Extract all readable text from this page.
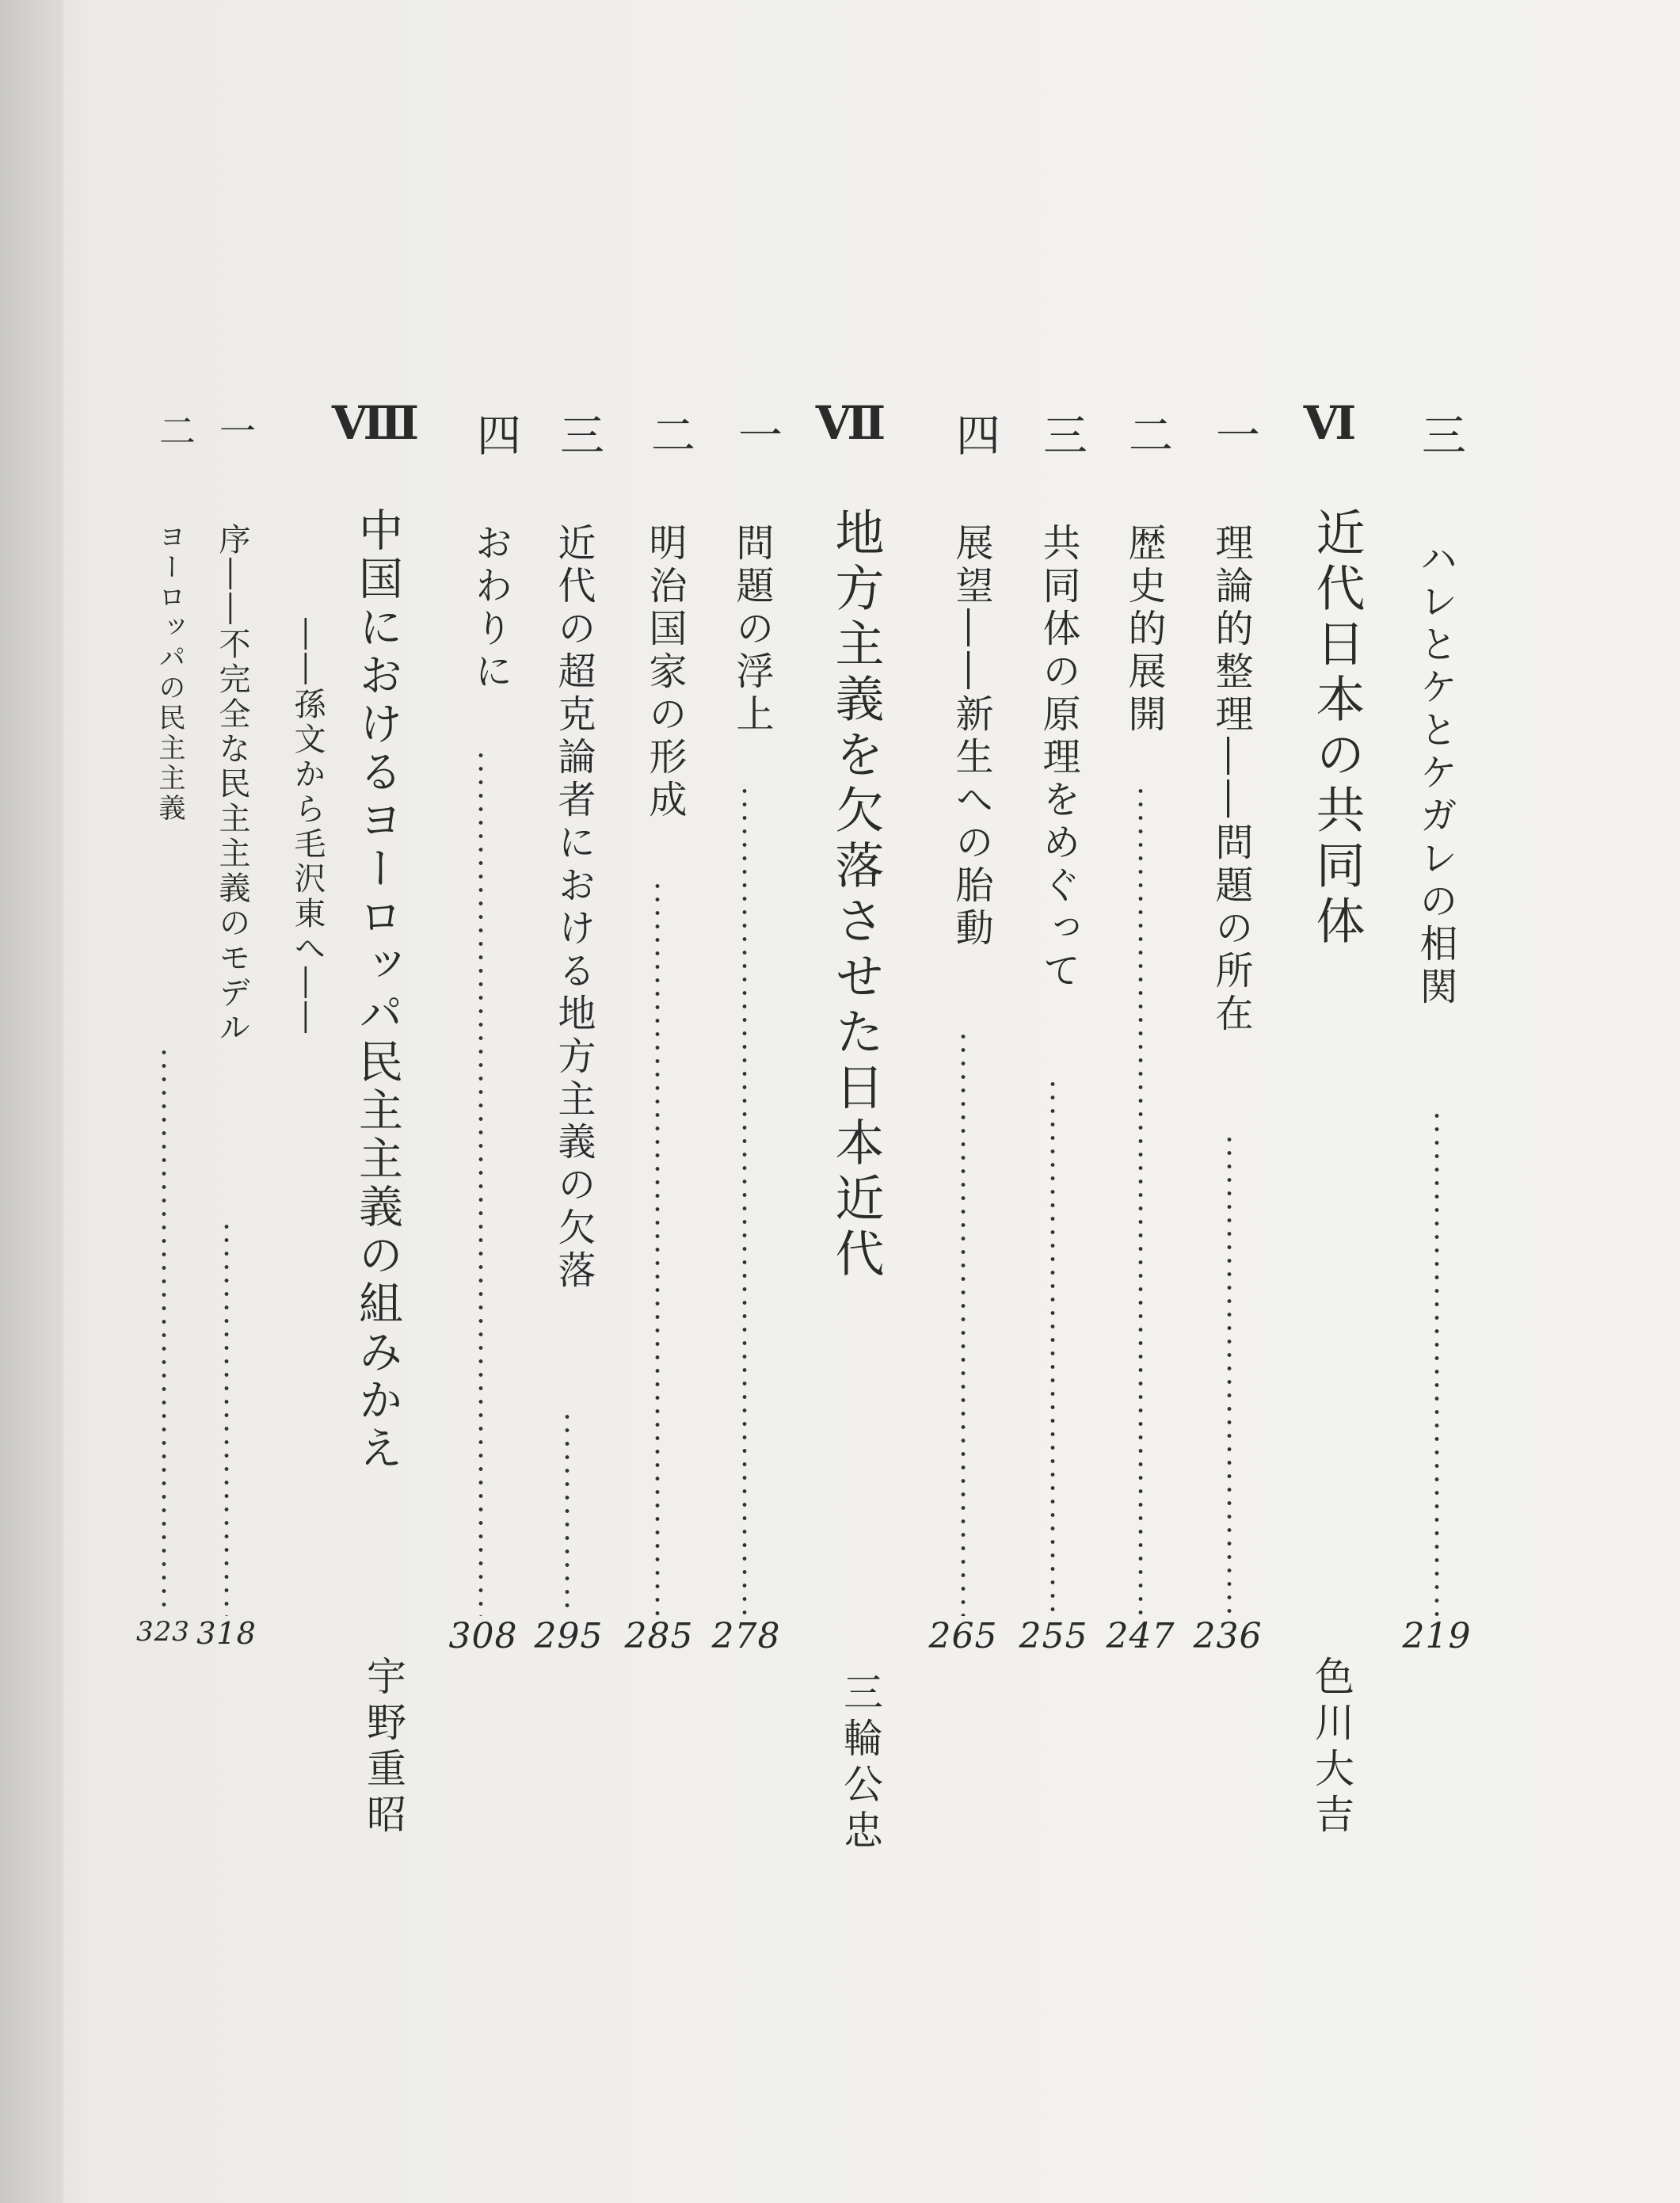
三
ハレとケとケガレの相関
219
Ⅵ
近代日本の共同体
色川大吉
一
理論的整理――問題の所在
236
二
歴史的展開
247
三
共同体の原理をめぐって
255
四
展望――新生への胎動
265
Ⅶ
地方主義を欠落させた日本近代
三輪公忠
一
問題の浮上
278
二
明治国家の形成
285
三
近代の超克論者における地方主義の欠落
295
四
おわりに
308
Ⅷ
中国におけるヨーロッパ民主主義の組みかえ
――孫文から毛沢東へ――
宇野重昭
一
序――不完全な民主主義のモデル
318
二
ヨーロッパの民主主義
323
